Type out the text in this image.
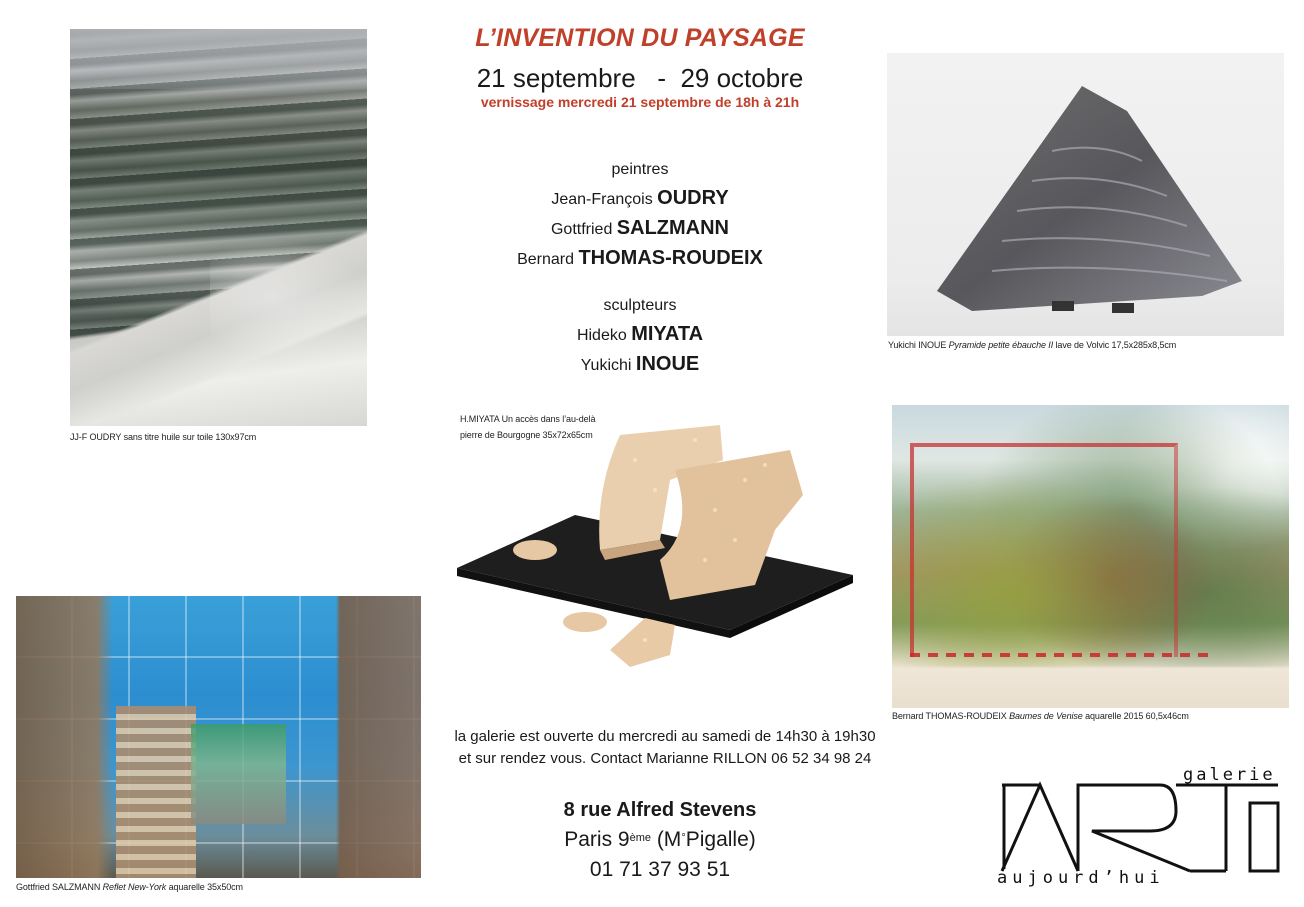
JJ-F OUDRY sans titre huile sur toile 130x97cm
Yukichi INOUE Pyramide petite ébauche II lave de Volvic 17,5x285x8,5cm
H.MIYATA Un accès dans l’au-delà
pierre de Bourgogne 35x72x65cm
Bernard THOMAS-ROUDEIX Baumes de Venise aquarelle 2015 60,5x46cm
Gottfried SALZMANN Reflet New-York aquarelle 35x50cm
L’INVENTION DU PAYSAGE
21 septembre   -  29 octobre
vernissage mercredi 21 septembre de 18h à 21h
peintres
Jean-François OUDRY
Gottfried SALZMANN
Bernard THOMAS-ROUDEIX
sculpteurs
Hideko MIYATA
Yukichi INOUE
la galerie est ouverte du mercredi au samedi de 14h30 à 19h30
et sur rendez vous. Contact Marianne RILLON 06 52 34 98 24
8 rue Alfred Stevens
Paris 9ème (M°Pigalle)
01 71 37 93 51
galerie
aujourd’hui
